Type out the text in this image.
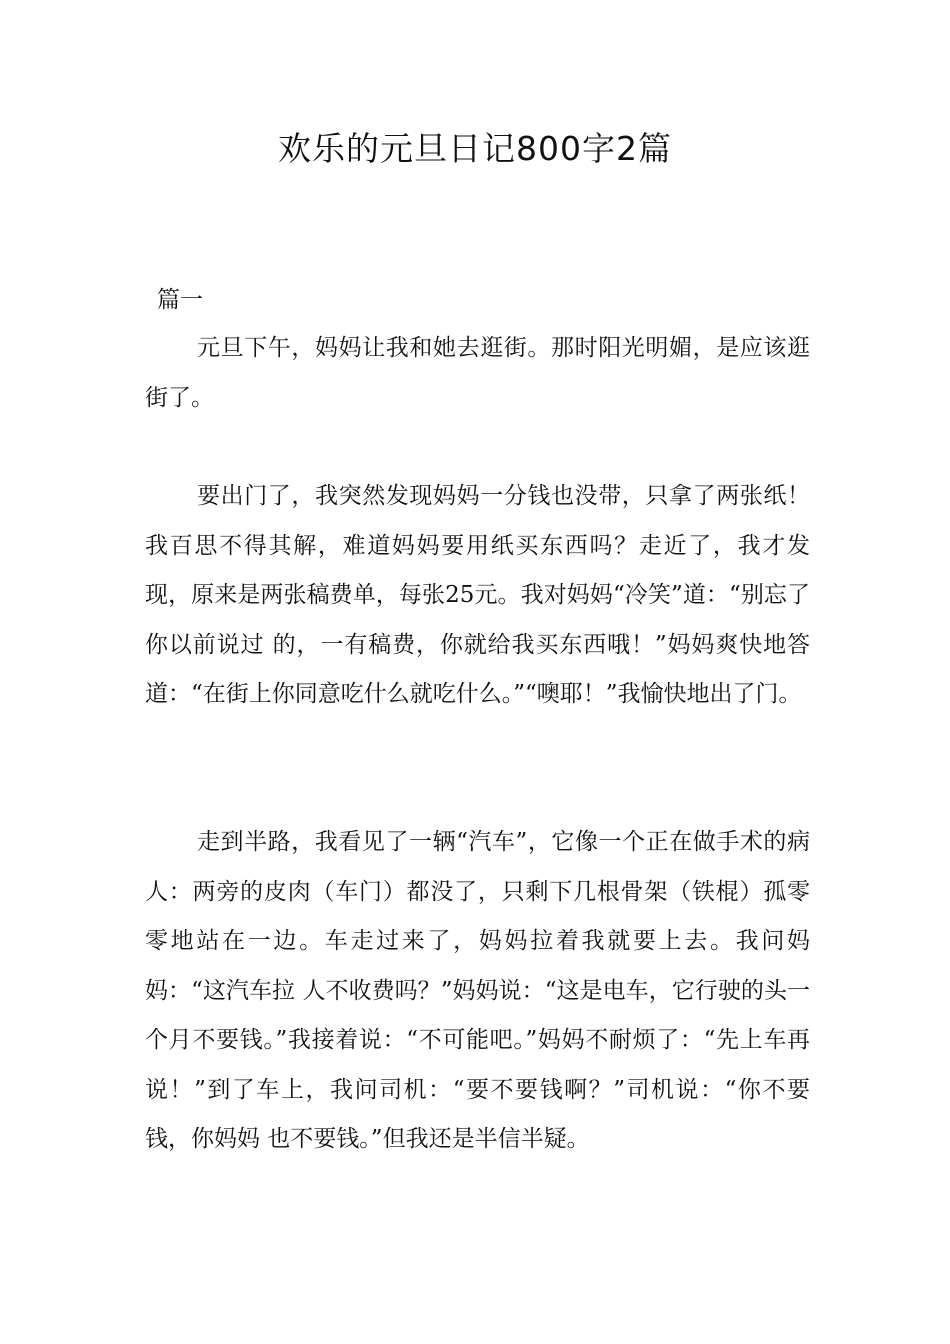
欢乐的元旦日记800字2篇
篇一

元旦下午，妈妈让我和她去逛街。那时阳光明媚，是应该逛街了。

要出门了，我突然发现妈妈一分钱也没带，只拿了两张纸！我百思不得其解，难道妈妈要用纸买东西吗？走近了，我才发现，原来是两张稿费单，每张25元。我对妈妈“冷笑”道：“别忘了你以前说过 的，一有稿费，你就给我买东西哦！”妈妈爽快地答道：“在街上你同意吃什么就吃什么。”“噢耶！”我愉快地出了门。

走到半路，我看见了一辆“汽车”，它像一个正在做手术的病人：两旁的皮肉（车门）都没了，只剩下几根骨架（铁棍）孤零零地站在一边。车走过来了，妈妈拉着我就要上去。我问妈妈：“这汽车拉 人不收费吗？”妈妈说：“这是电车，它行驶的头一个月不要钱。”我接着说：“不可能吧。”妈妈不耐烦了：“先上车再说！”到了车上，我问司机：“要不要钱啊？”司机说：“你不要钱，你妈妈 也不要钱。”但我还是半信半疑。
